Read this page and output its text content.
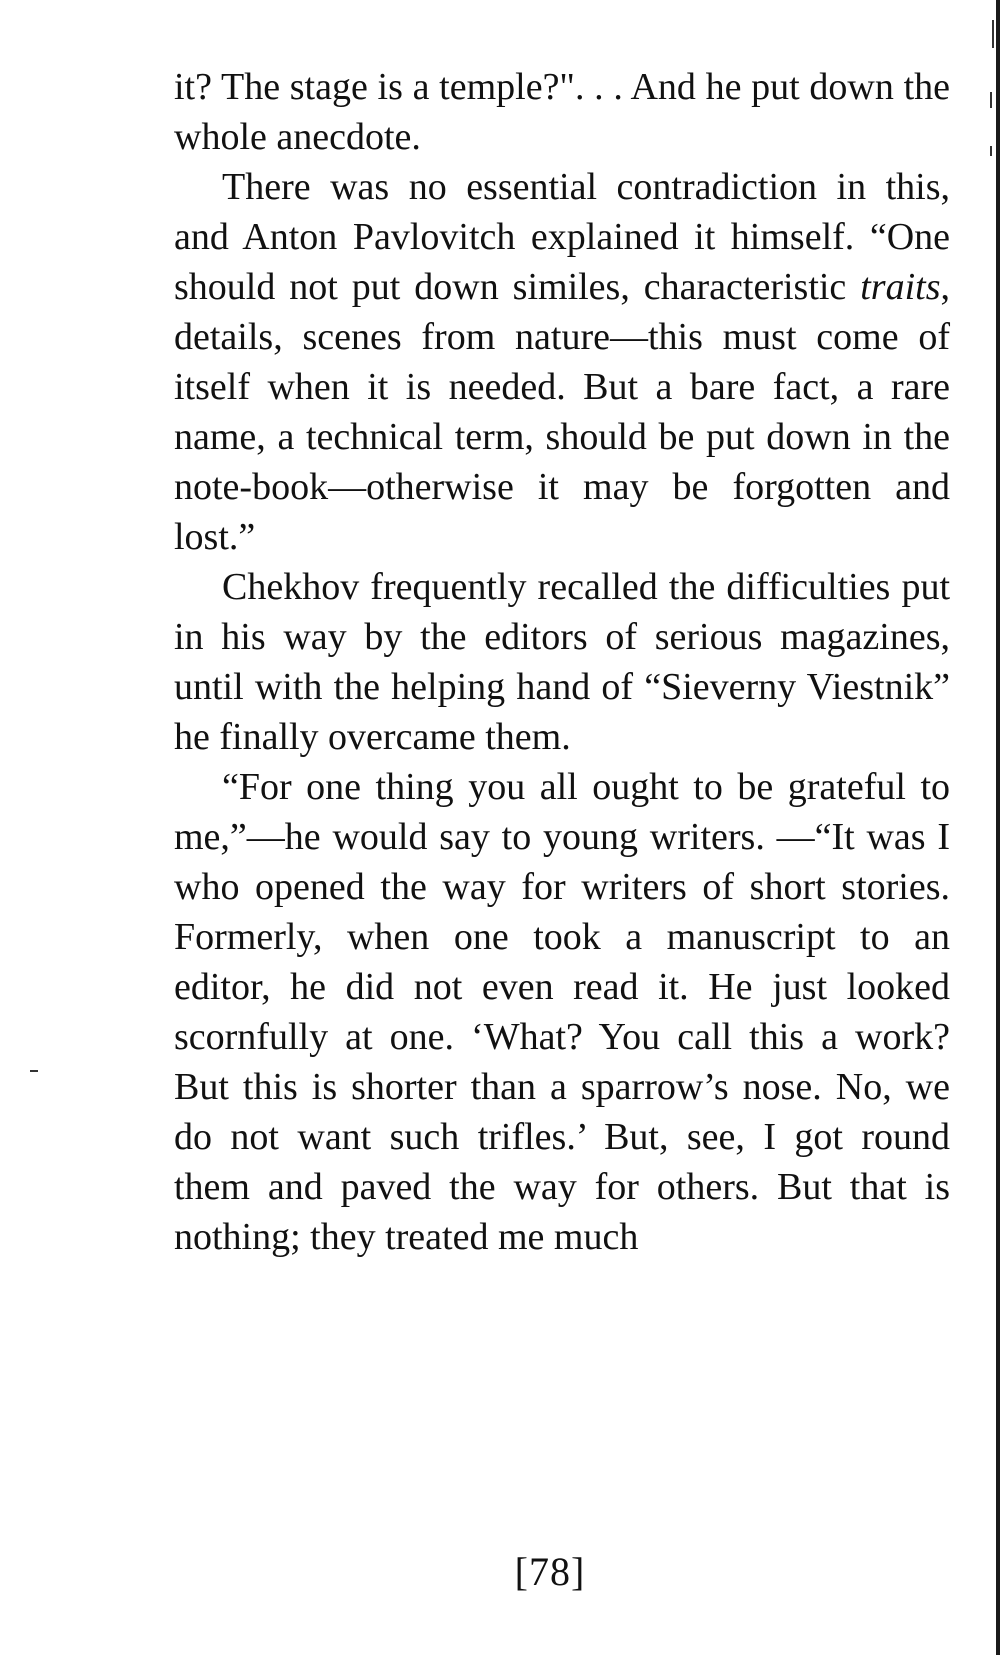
it? The stage is a temple?". . . And he put down the whole anecdote.

There was no essential contradiction in this, and Anton Pavlovitch explained it himself. “One should not put down similes, characteristic traits, details, scenes from nature—this must come of itself when it is needed. But a bare fact, a rare name, a technical term, should be put down in the note-book—otherwise it may be forgotten and lost.”

Chekhov frequently recalled the difficulties put in his way by the editors of serious magazines, until with the helping hand of “Sieverny Viestnik” he finally overcame them.

“For one thing you all ought to be grateful to me,”—he would say to young writers. —“It was I who opened the way for writers of short stories. Formerly, when one took a manuscript to an editor, he did not even read it. He just looked scornfully at one. ‘What? You call this a work? But this is shorter than a sparrow’s nose. No, we do not want such trifles.’ But, see, I got round them and paved the way for others. But that is nothing; they treated me much

[78]
